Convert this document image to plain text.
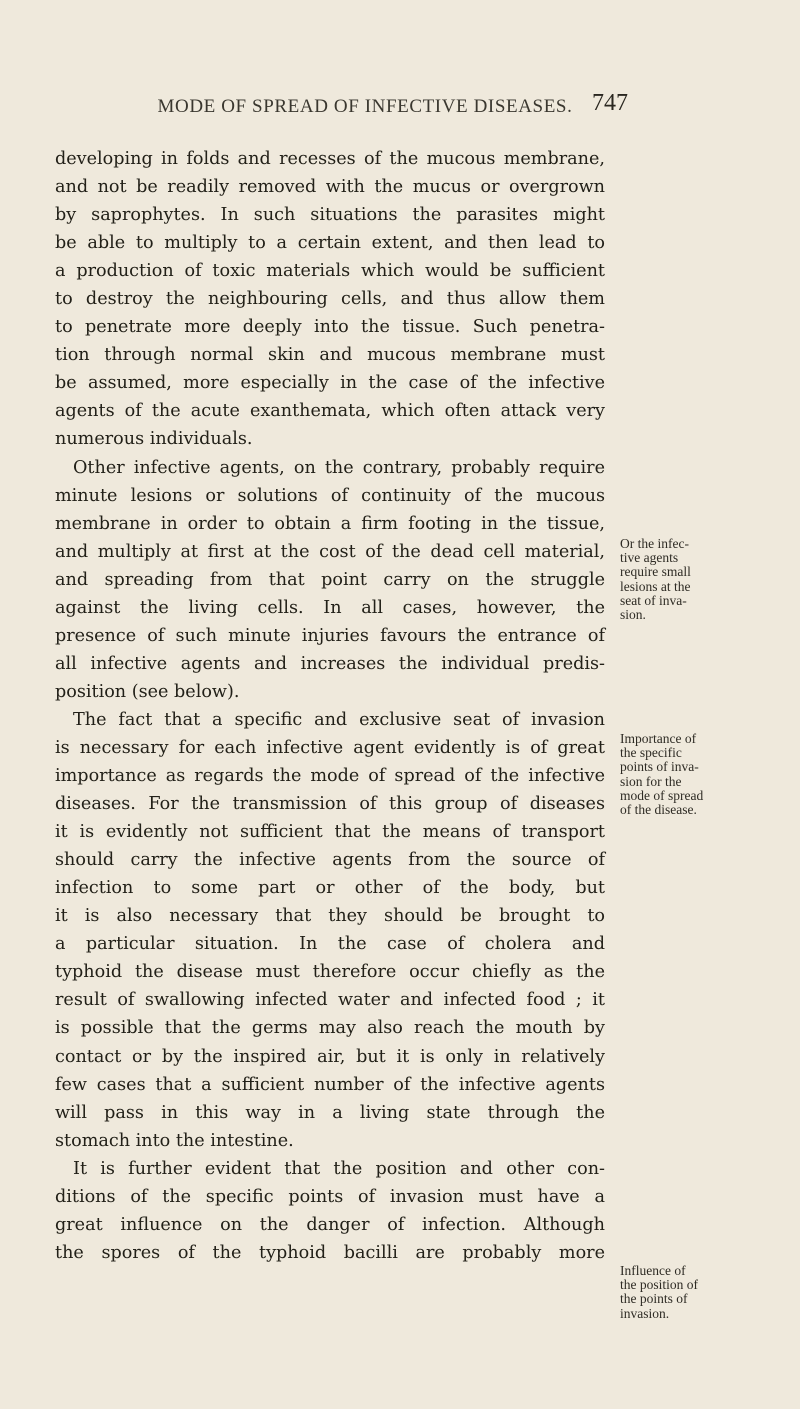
MODE OF SPREAD OF INFECTIVE DISEASES. 747
developing in folds and recesses of the mucous membrane,
and not be readily removed with the mucus or overgrown
by saprophytes. In such situations the parasites might
be able to multiply to a certain extent, and then lead to
a production of toxic materials which would be sufficient
to destroy the neighbouring cells, and thus allow them
to penetrate more deeply into the tissue. Such penetra-
tion through normal skin and mucous membrane must
be assumed, more especially in the case of the infective
agents of the acute exanthemata, which often attack very
numerous individuals.
Other infective agents, on the contrary, probably require
minute lesions or solutions of continuity of the mucous
membrane in order to obtain a firm footing in the tissue,
and multiply at first at the cost of the dead cell material,
and spreading from that point carry on the struggle
against the living cells. In all cases, however, the
presence of such minute injuries favours the entrance of
all infective agents and increases the individual predis-
position (see below).
The fact that a specific and exclusive seat of invasion
is necessary for each infective agent evidently is of great
importance as regards the mode of spread of the infective
diseases. For the transmission of this group of diseases
it is evidently not sufficient that the means of transport
should carry the infective agents from the source of
infection to some part or other of the body, but
it is also necessary that they should be brought to
a particular situation. In the case of cholera and
typhoid the disease must therefore occur chiefly as the
result of swallowing infected water and infected food ; it
is possible that the germs may also reach the mouth by
contact or by the inspired air, but it is only in relatively
few cases that a sufficient number of the infective agents
will pass in this way in a living state through the
stomach into the intestine.
It is further evident that the position and other con-
ditions of the specific points of invasion must have a
great influence on the danger of infection. Although
the spores of the typhoid bacilli are probably more
Or the infec-
tive agents
require small
lesions at the
seat of inva-
sion.
Importance of
the specific
points of inva-
sion for the
mode of spread
of the disease.
Influence of
the position of
the points of
invasion.
